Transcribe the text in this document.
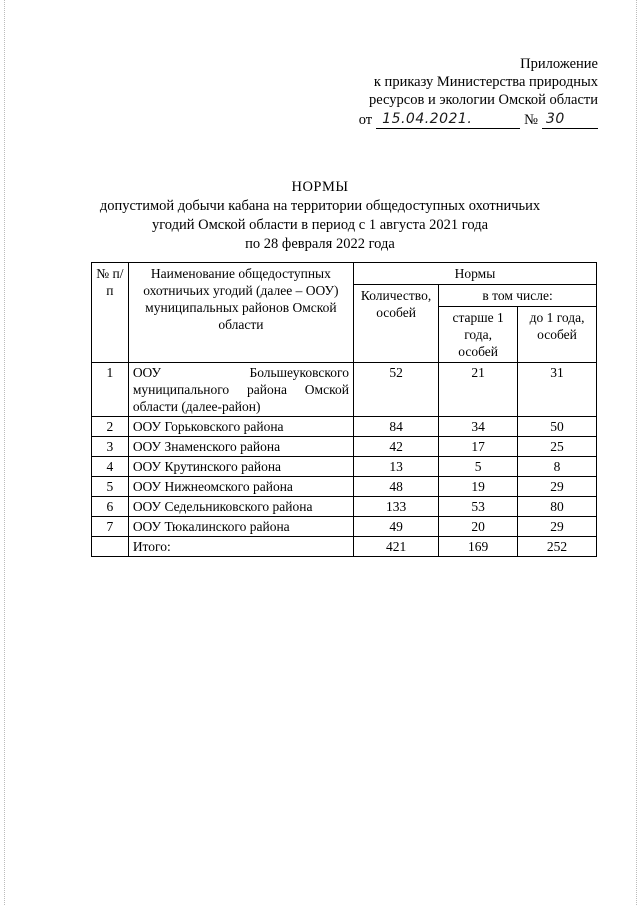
Приложение
к приказу Министерства природных
ресурсов и экологии Омской области
от 15.04.2021.	№ 30
НОРМЫ
допустимой добычи кабана на территории общедоступных охотничьих
угодий Омской области в период с 1 августа 2021 года
по 28 февраля 2022 года
№ п/п	Наименование общедоступных охотничьих угодий (далее – ООУ) муниципальных районов Омской области	Нормы		
		Количество, особей	в том числе:	
			старше 1 года, особей	до 1 года, особей
1	ООУ Большеуковского муниципального района Омской области (далее-район)	52	21	31
2	ООУ Горьковского района	84	34	50
3	ООУ Знаменского района	42	17	25
4	ООУ Крутинского района	13	5	8
5	ООУ Нижнеомского района	48	19	29
6	ООУ Седельниковского района	133	53	80
7	ООУ Тюкалинского района	49	20	29
	Итого:	421	169	252
